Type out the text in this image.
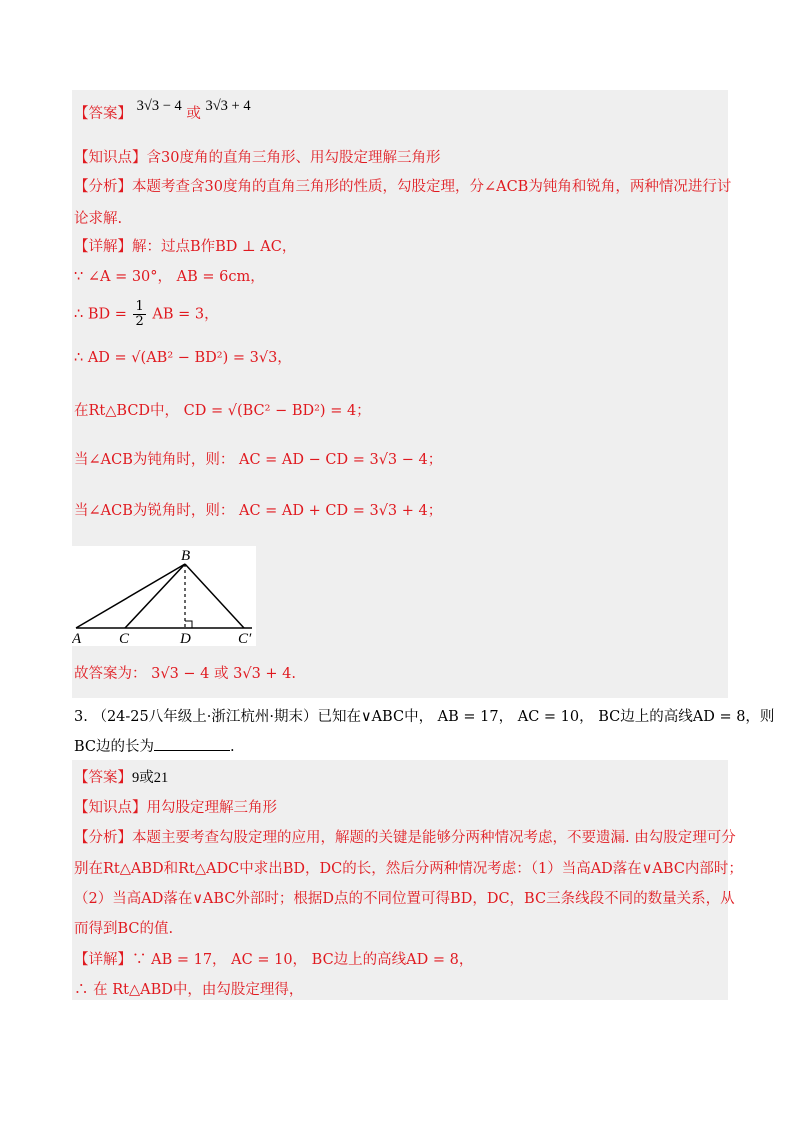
【答案】 3√3 − 4 或 3√3 + 4
【知识点】含30度角的直角三角形、用勾股定理解三角形
【分析】本题考查含30度角的直角三角形的性质，勾股定理，分∠ACB为钝角和锐角，两种情况进行讨
论求解.
【详解】解：过点B作BD ⊥ AC，
∵ ∠A = 30°， AB = 6cm，
∴ BD = $\frac{1}{2}$ AB = 3，
∴ AD = √(AB² − BD²) = 3√3，
在Rt△BCD中， CD = √(BC² − BD²) = 4；
当∠ACB为钝角时，则： AC = AD − CD = 3√3 − 4；
当∠ACB为锐角时，则： AC = AD + CD = 3√3 + 4；
B
A	C	D	C′
故答案为： 3√3 − 4 或 3√3 + 4.
3. （24-25八年级上·浙江杭州·期末）已知在∨ABC中， AB = 17， AC = 10， BC边上的高线AD = 8，则
BC边的长为	.
【答案】9或21
【知识点】用勾股定理解三角形
【分析】本题主要考查勾股定理的应用，解题的关键是能够分两种情况考虑，不要遗漏. 由勾股定理可分
别在Rt△ABD和Rt△ADC中求出BD，DC的长，然后分两种情况考虑：（1）当高AD落在∨ABC内部时；
（2）当高AD落在∨ABC外部时；根据D点的不同位置可得BD，DC，BC三条线段不同的数量关系，从
而得到BC的值.
【详解】∵ AB = 17， AC = 10， BC边上的高线AD = 8，
∴ 在 Rt△ABD中，由勾股定理得，
